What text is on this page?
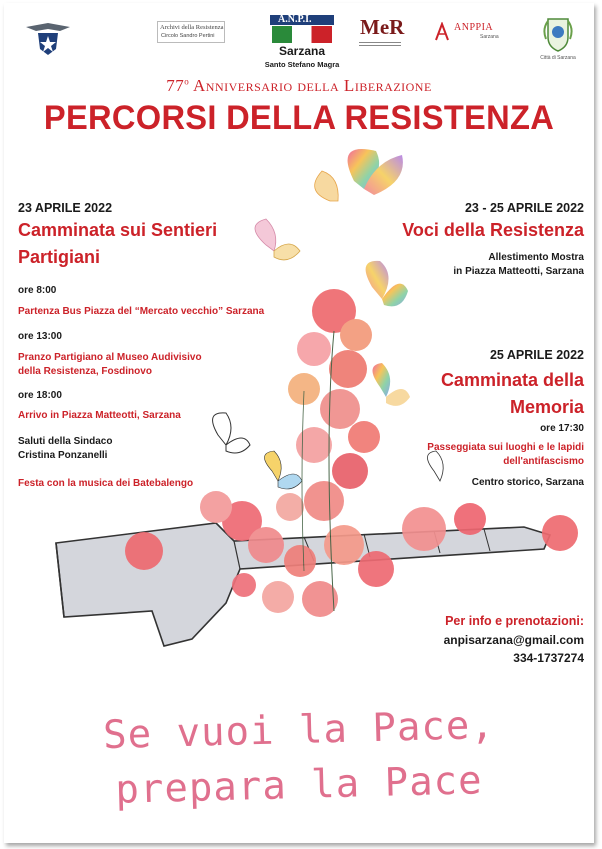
Archivi della Resistenza
Circolo Sandro Pertini
A.N.P.I.
Sarzana
Santo Stefano Magra
MeR	ANPPIA
Sarzana
Città di Sarzana
77$^o$ Anniversario della Liberazione
PERCORSI DELLA RESISTENZA
23 APRILE 2022
Camminata sui Sentieri
Partigiani
ore 8:00
Partenza Bus Piazza del “Mercato vecchio” Sarzana
ore 13:00
Pranzo Partigiano al Museo Audivisivo
della Resistenza, Fosdinovo
ore 18:00
Arrivo in Piazza Matteotti, Sarzana
Saluti della Sindaco
Cristina Ponzanelli
Festa con la musica dei Batebalengo
23 - 25 APRILE 2022
Voci della Resistenza
Allestimento Mostra
in Piazza Matteotti, Sarzana
25 APRILE 2022
Camminata della
Memoria
ore 17:30
Passeggiata sui luoghi e le lapidi
dell'antifascismo
Centro storico, Sarzana
Per info e prenotazioni:
anpisarzana@gmail.com
334-1737274
Se vuoi la Pace,
prepara la Pace
